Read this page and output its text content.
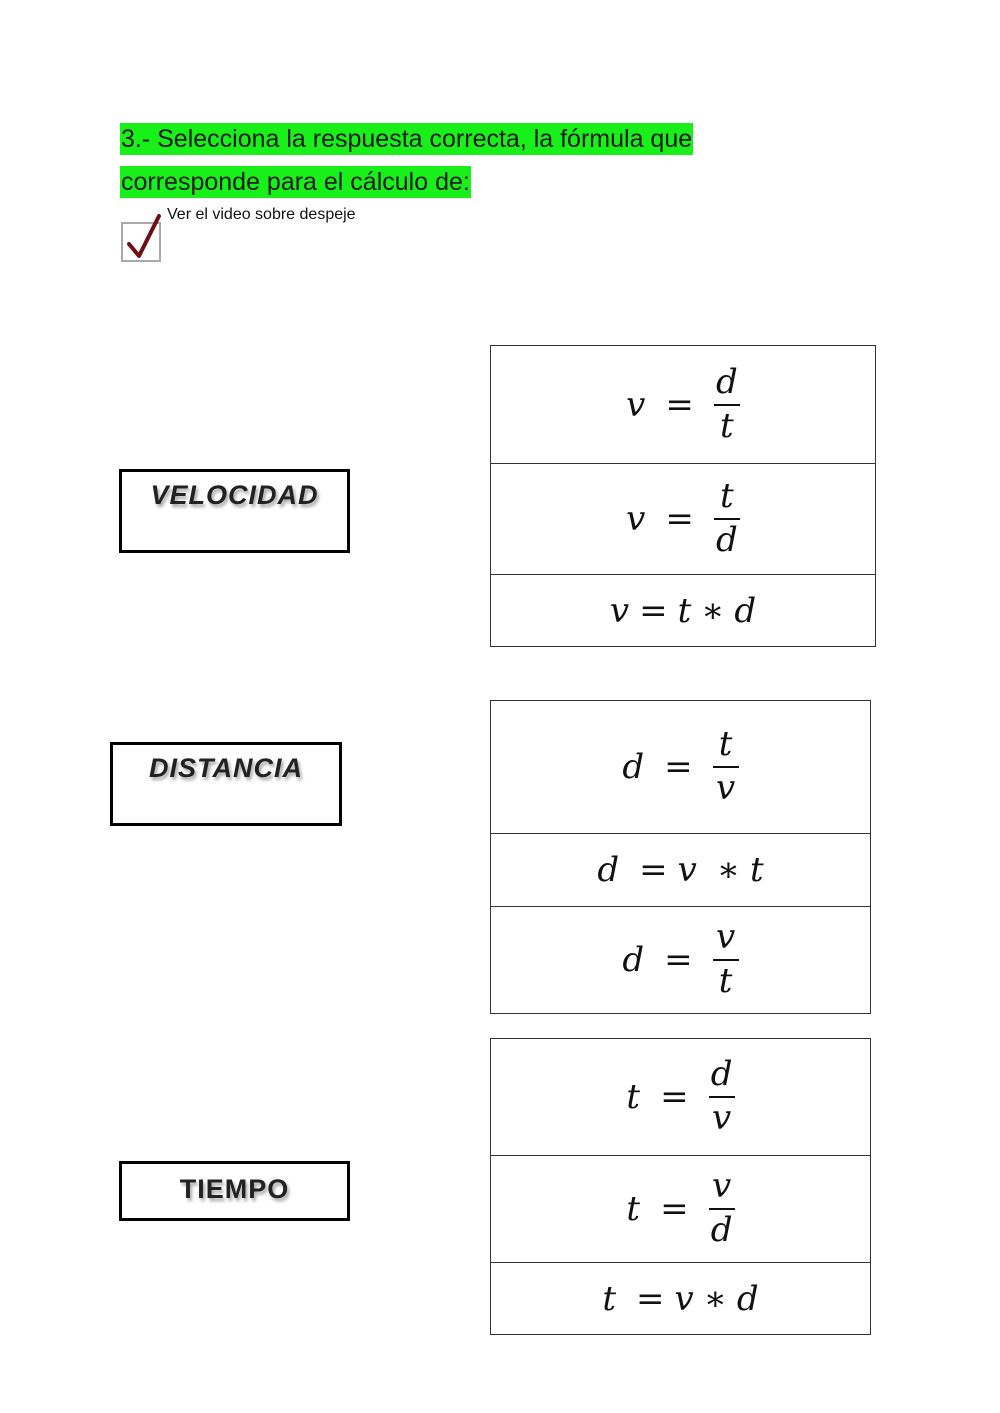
3.- Selecciona la respuesta correcta, la fórmula que
corresponde para el cálculo de:
Ver el video sobre despeje
VELOCIDAD
DISTANCIA
TIEMPO
$v = \frac{d}{t}$
$v = \frac{t}{d}$
v = t ∗ d
$d = \frac{t}{v}$
d = v ∗ t
$d = \frac{v}{t}$
$t = \frac{d}{v}$
$t = \frac{v}{d}$
t = v ∗ d
